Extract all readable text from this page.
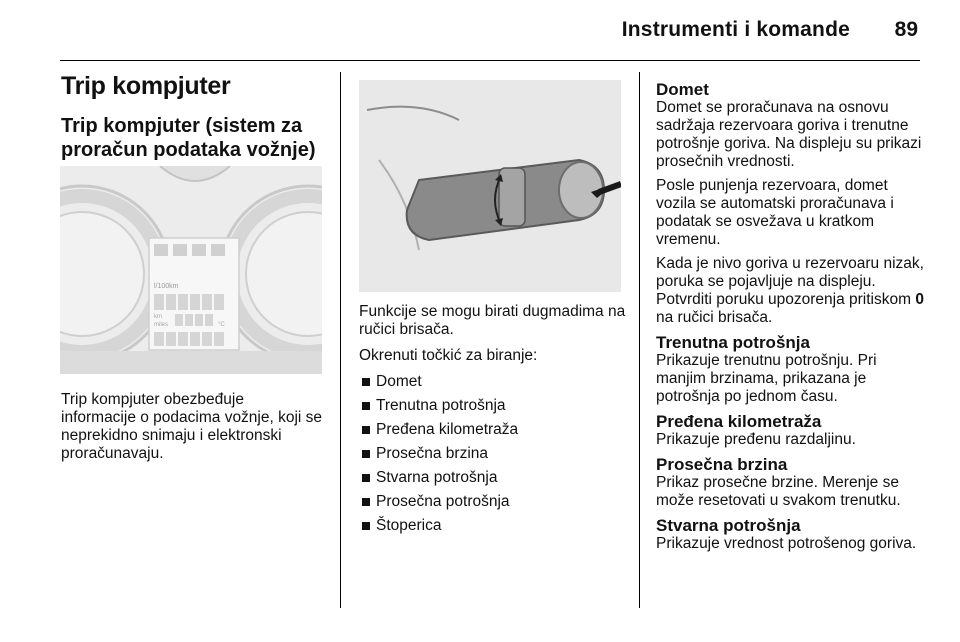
Instrumenti i komande	89
Trip kompjuter
Trip kompjuter (sistem za proračun podataka vožnje)
l/100km
km
miles	°C
Trip kompjuter obezbeđuje informacije o podacima vožnje, koji se neprekidno snimaju i elektronski proračunavaju.

Funkcije se mogu birati dugmadima na ručici brisača.

Okrenuti točkić za biranje:

Domet
Trenutna potrošnja
Pređena kilometraža
Prosečna brzina
Stvarna potrošnja
Prosečna potrošnja
Štoperica
Domet

Domet se proračunava na osnovu sadržaja rezervoara goriva i trenutne potrošnje goriva. Na displeju su prikazi prosečnih vrednosti.

Posle punjenja rezervoara, domet vozila se automatski proračunava i podatak se osvežava u kratkom vremenu.

Kada je nivo goriva u rezervoaru nizak, poruka se pojavljuje na displeju. Potvrditi poruku upozorenja pritiskom 0 na ručici brisača.

Trenutna potrošnja

Prikazuje trenutnu potrošnju. Pri manjim brzinama, prikazana je potrošnja po jednom času.

Pređena kilometraža

Prikazuje pređenu razdaljinu.

Prosečna brzina

Prikaz prosečne brzine. Merenje se može resetovati u svakom trenutku.

Stvarna potrošnja

Prikazuje vrednost potrošenog goriva.
